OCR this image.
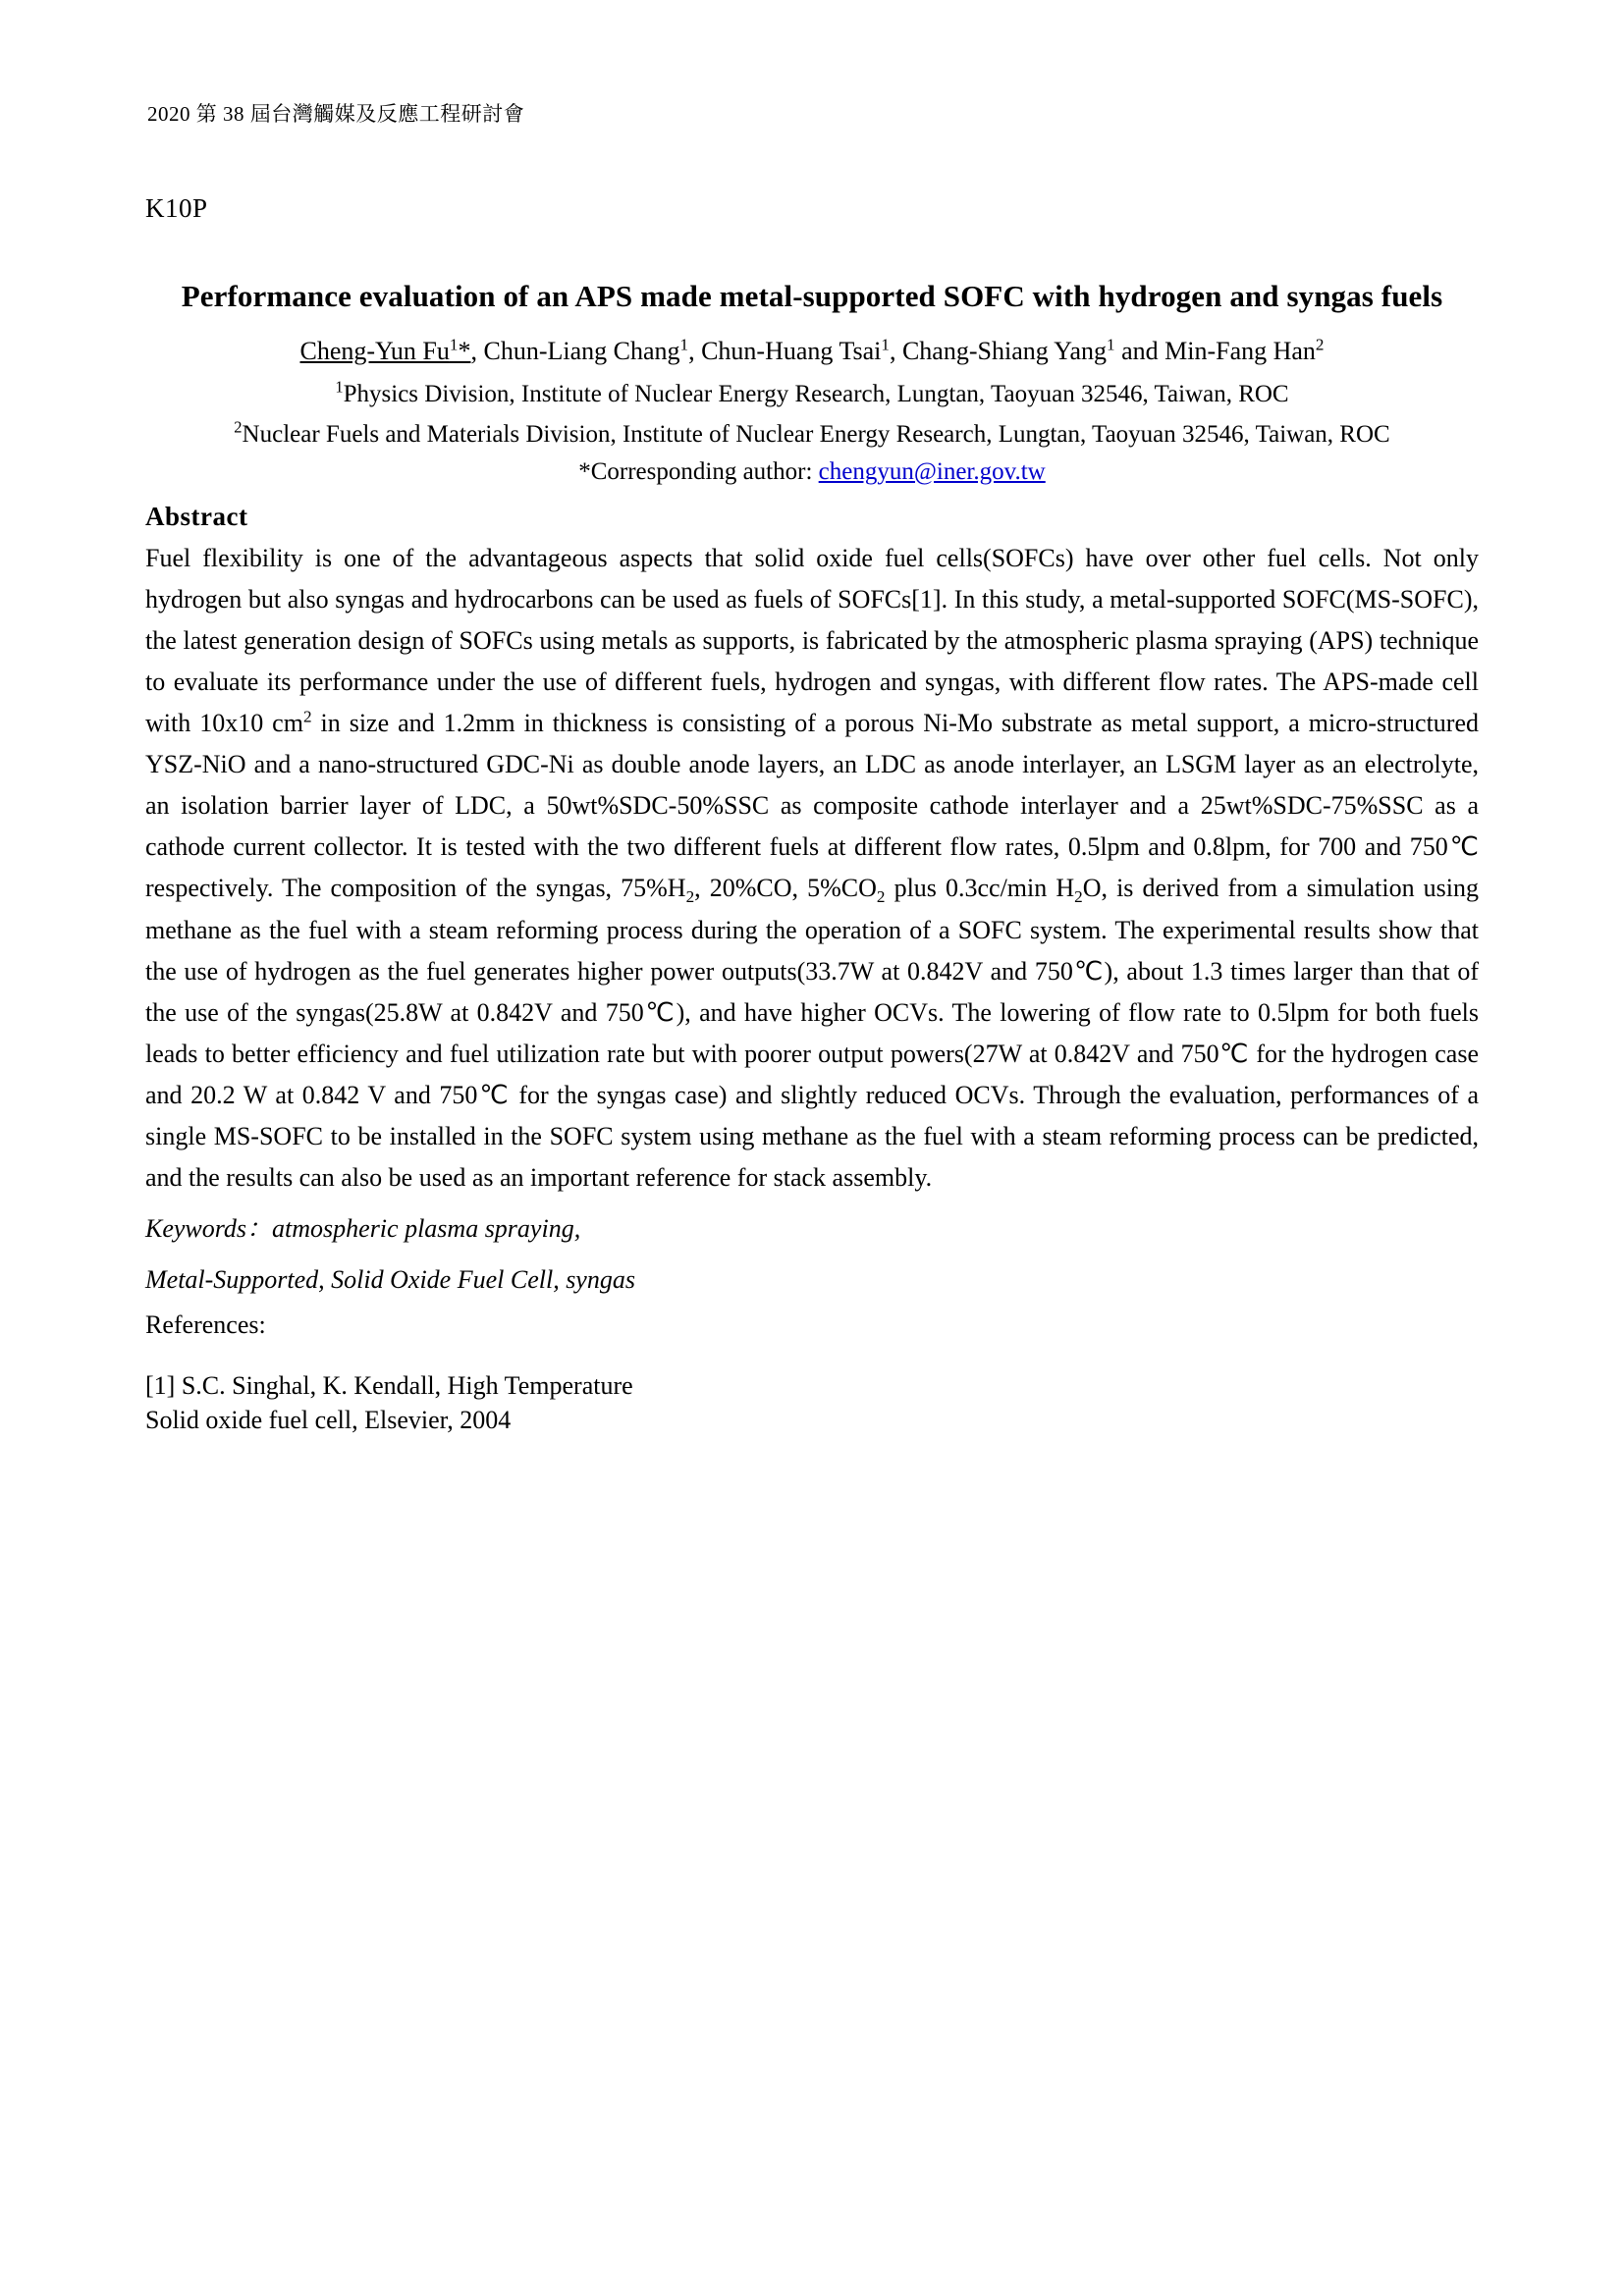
2020 第 38 屆台灣觸媒及反應工程研討會
K10P
Performance evaluation of an APS made metal-supported SOFC with hydrogen and syngas fuels
Cheng-Yun Fu$^1$*, Chun-Liang Chang$^1$, Chun-Huang Tsai$^1$, Chang-Shiang Yang$^1$ and Min-Fang Han$^2$
$^1$Physics Division, Institute of Nuclear Energy Research, Lungtan, Taoyuan 32546, Taiwan, ROC
$^2$Nuclear Fuels and Materials Division, Institute of Nuclear Energy Research, Lungtan, Taoyuan 32546, Taiwan, ROC
*Corresponding author: chengyun@iner.gov.tw
Abstract
Fuel flexibility is one of the advantageous aspects that solid oxide fuel cells(SOFCs) have over other fuel cells. Not only hydrogen but also syngas and hydrocarbons can be used as fuels of SOFCs[1]. In this study, a metal-supported SOFC(MS-SOFC), the latest generation design of SOFCs using metals as supports, is fabricated by the atmospheric plasma spraying (APS) technique to evaluate its performance under the use of different fuels, hydrogen and syngas, with different flow rates. The APS-made cell with 10x10 $cm^2$ in size and 1.2mm in thickness is consisting of a porous Ni-Mo substrate as metal support, a micro-structured YSZ-NiO and a nano-structured GDC-Ni as double anode layers, an LDC as anode interlayer, an LSGM layer as an electrolyte, an isolation barrier layer of LDC, a 50wt%SDC-50%SSC as composite cathode interlayer and a 25wt%SDC-75%SSC as a cathode current collector. It is tested with the two different fuels at different flow rates, 0.5lpm and 0.8lpm, for 700 and 750℃ respectively. The composition of the syngas, $75\%H_2$, 20%CO, $5\%CO_2$ plus 0.3cc/min $H_2O$, is derived from a simulation using methane as the fuel with a steam reforming process during the operation of a SOFC system. The experimental results show that the use of hydrogen as the fuel generates higher power outputs(33.7W at 0.842V and 750℃), about 1.3 times larger than that of the use of the syngas(25.8W at 0.842V and 750℃), and have higher OCVs. The lowering of flow rate to 0.5lpm for both fuels leads to better efficiency and fuel utilization rate but with poorer output powers(27W at 0.842V and 750℃ for the hydrogen case and 20.2 W at 0.842 V and 750℃ for the syngas case) and slightly reduced OCVs. Through the evaluation, performances of a single MS-SOFC to be installed in the SOFC system using methane as the fuel with a steam reforming process can be predicted, and the results can also be used as an important reference for stack assembly.
Keywords：atmospheric plasma spraying,
Metal-Supported, Solid Oxide Fuel Cell, syngas
References:
[1] S.C. Singhal, K. Kendall, High Temperature
Solid oxide fuel cell, Elsevier, 2004
